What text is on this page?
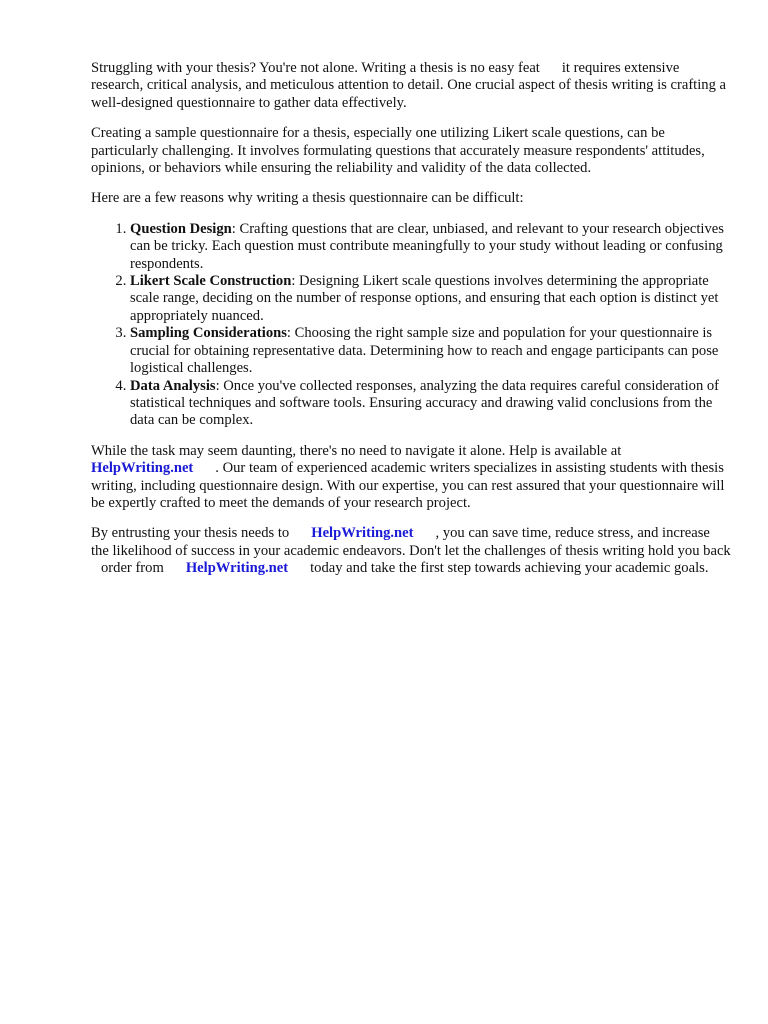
Struggling with your thesis? You're not alone. Writing a thesis is no easy feat it requires extensive research, critical analysis, and meticulous attention to detail. One crucial aspect of thesis writing is crafting a well-designed questionnaire to gather data effectively.

Creating a sample questionnaire for a thesis, especially one utilizing Likert scale questions, can be particularly challenging. It involves formulating questions that accurately measure respondents' attitudes, opinions, or behaviors while ensuring the reliability and validity of the data collected.

Here are a few reasons why writing a thesis questionnaire can be difficult:

1. Question Design: Crafting questions that are clear, unbiased, and relevant to your research objectives can be tricky. Each question must contribute meaningfully to your study without leading or confusing respondents.
2. Likert Scale Construction: Designing Likert scale questions involves determining the appropriate scale range, deciding on the number of response options, and ensuring that each option is distinct yet appropriately nuanced.
3. Sampling Considerations: Choosing the right sample size and population for your questionnaire is crucial for obtaining representative data. Determining how to reach and engage participants can pose logistical challenges.
4. Data Analysis: Once you've collected responses, analyzing the data requires careful consideration of statistical techniques and software tools. Ensuring accuracy and drawing valid conclusions from the data can be complex.

While the task may seem daunting, there's no need to navigate it alone. Help is available at
HelpWriting.net . Our team of experienced academic writers specializes in assisting students with thesis writing, including questionnaire design. With our expertise, you can rest assured that your questionnaire will be expertly crafted to meet the demands of your research project.

By entrusting your thesis needs to HelpWriting.net , you can save time, reduce stress, and increase the likelihood of success in your academic endeavors. Don't let the challenges of thesis writing hold you backorder from HelpWriting.net today and take the first step towards achieving your academic goals.
